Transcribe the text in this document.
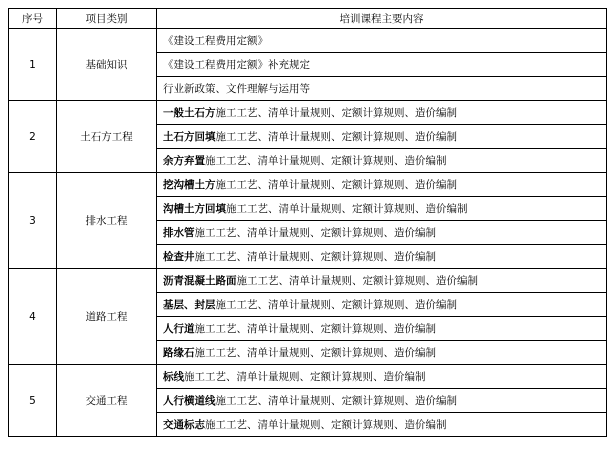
序号	项目类别	培训课程主要内容
1	基础知识	《建设工程费用定额》
		《建设工程费用定额》补充规定
		行业新政策、文件理解与运用等
2	土石方工程	一般土石方施工工艺、清单计量规则、定额计算规则、造价编制
		土石方回填施工工艺、清单计量规则、定额计算规则、造价编制
		余方弃置施工工艺、清单计量规则、定额计算规则、造价编制
3	排水工程	挖沟槽土方施工工艺、清单计量规则、定额计算规则、造价编制
		沟槽土方回填施工工艺、清单计量规则、定额计算规则、造价编制
		排水管施工工艺、清单计量规则、定额计算规则、造价编制
		检查井施工工艺、清单计量规则、定额计算规则、造价编制
4	道路工程	沥青混凝土路面施工工艺、清单计量规则、定额计算规则、造价编制
		基层、封层施工工艺、清单计量规则、定额计算规则、造价编制
		人行道施工工艺、清单计量规则、定额计算规则、造价编制
		路缘石施工工艺、清单计量规则、定额计算规则、造价编制
5	交通工程	标线施工工艺、清单计量规则、定额计算规则、造价编制
		人行横道线施工工艺、清单计量规则、定额计算规则、造价编制
		交通标志施工工艺、清单计量规则、定额计算规则、造价编制
